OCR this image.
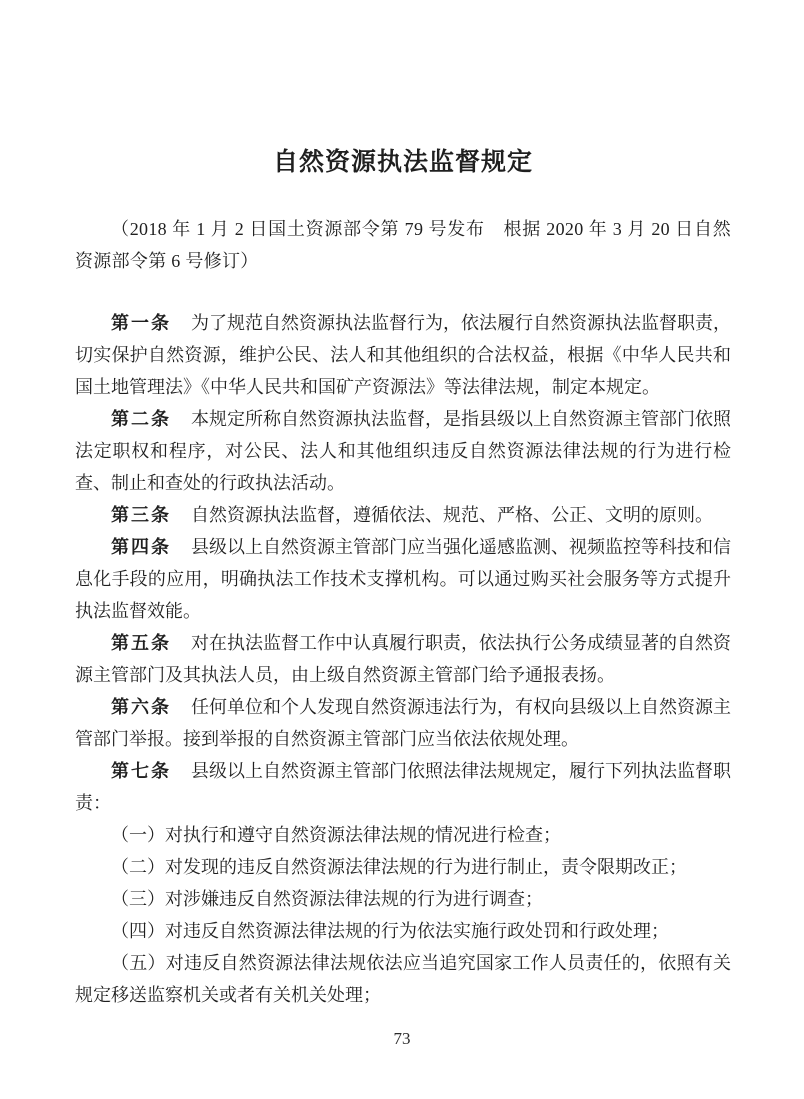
自然资源执法监督规定

（2018 年 1 月 2 日国土资源部令第 79 号发布　根据 2020 年 3 月 20 日自然资源部令第 6 号修订）

第一条 为了规范自然资源执法监督行为，依法履行自然资源执法监督职责，切实保护自然资源，维护公民、法人和其他组织的合法权益，根据《中华人民共和国土地管理法》《中华人民共和国矿产资源法》等法律法规，制定本规定。

第二条 本规定所称自然资源执法监督，是指县级以上自然资源主管部门依照法定职权和程序，对公民、法人和其他组织违反自然资源法律法规的行为进行检查、制止和查处的行政执法活动。

第三条 自然资源执法监督，遵循依法、规范、严格、公正、文明的原则。

第四条 县级以上自然资源主管部门应当强化遥感监测、视频监控等科技和信息化手段的应用，明确执法工作技术支撑机构。可以通过购买社会服务等方式提升执法监督效能。

第五条 对在执法监督工作中认真履行职责，依法执行公务成绩显著的自然资源主管部门及其执法人员，由上级自然资源主管部门给予通报表扬。

第六条 任何单位和个人发现自然资源违法行为，有权向县级以上自然资源主管部门举报。接到举报的自然资源主管部门应当依法依规处理。

第七条 县级以上自然资源主管部门依照法律法规规定，履行下列执法监督职责：

（一）对执行和遵守自然资源法律法规的情况进行检查；

（二）对发现的违反自然资源法律法规的行为进行制止，责令限期改正；

（三）对涉嫌违反自然资源法律法规的行为进行调查；

（四）对违反自然资源法律法规的行为依法实施行政处罚和行政处理；

（五）对违反自然资源法律法规依法应当追究国家工作人员责任的，依照有关规定移送监察机关或者有关机关处理；

73
